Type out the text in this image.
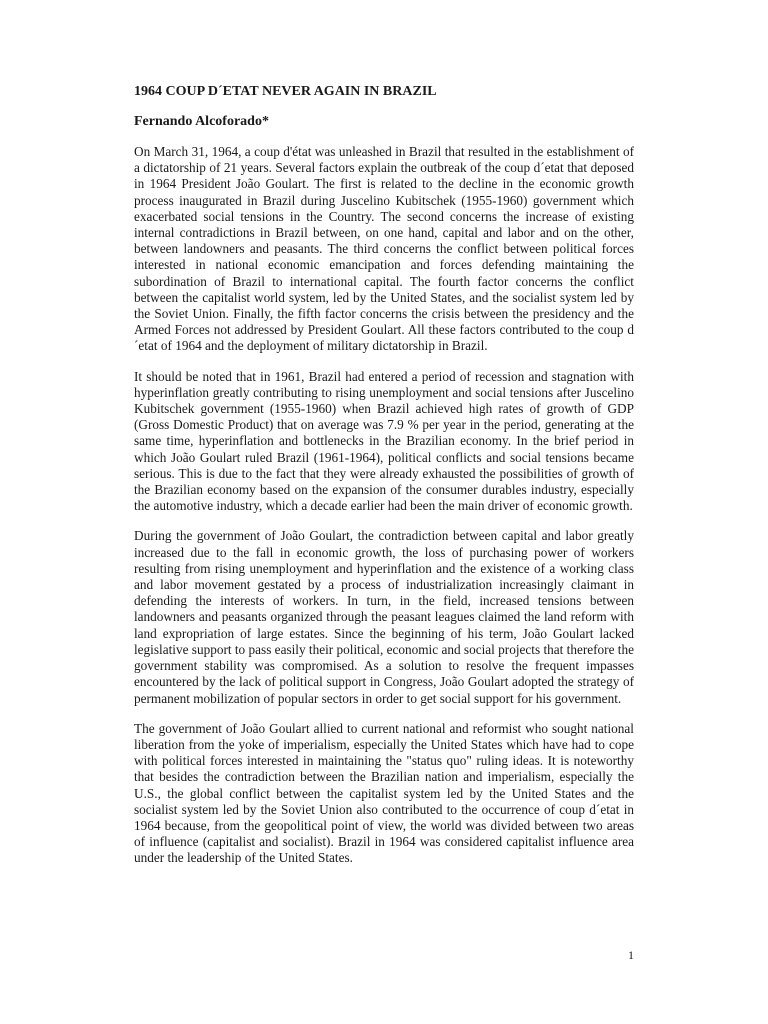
1964 COUP D´ETAT NEVER AGAIN IN BRAZIL
Fernando Alcoforado*

On March 31, 1964, a coup d'état was unleashed in Brazil that resulted in the establishment of a dictatorship of 21 years. Several factors explain the outbreak of the coup d´etat that deposed in 1964 President João Goulart. The first is related to the decline in the economic growth process inaugurated in Brazil during Juscelino Kubitschek (1955-1960) government which exacerbated social tensions in the Country. The second concerns the increase of existing internal contradictions in Brazil between, on one hand, capital and labor and on the other, between landowners and peasants. The third concerns the conflict between political forces interested in national economic emancipation and forces defending maintaining the subordination of Brazil to international capital. The fourth factor concerns the conflict between the capitalist world system, led by the United States, and the socialist system led by the Soviet Union. Finally, the fifth factor concerns the crisis between the presidency and the Armed Forces not addressed by President Goulart. All these factors contributed to the coup d´etat of 1964 and the deployment of military dictatorship in Brazil.

It should be noted that in 1961, Brazil had entered a period of recession and stagnation with hyperinflation greatly contributing to rising unemployment and social tensions after Juscelino Kubitschek government (1955-1960) when Brazil achieved high rates of growth of GDP (Gross Domestic Product) that on average was 7.9 % per year in the period, generating at the same time, hyperinflation and bottlenecks in the Brazilian economy. In the brief period in which João Goulart ruled Brazil (1961-1964), political conflicts and social tensions became serious. This is due to the fact that they were already exhausted the possibilities of growth of the Brazilian economy based on the expansion of the consumer durables industry, especially the automotive industry, which a decade earlier had been the main driver of economic growth.

During the government of João Goulart, the contradiction between capital and labor greatly increased due to the fall in economic growth, the loss of purchasing power of workers resulting from rising unemployment and hyperinflation and the existence of a working class and labor movement gestated by a process of industrialization increasingly claimant in defending the interests of workers. In turn, in the field, increased tensions between landowners and peasants organized through the peasant leagues claimed the land reform with land expropriation of large estates. Since the beginning of his term, João Goulart lacked legislative support to pass easily their political, economic and social projects that therefore the government stability was compromised. As a solution to resolve the frequent impasses encountered by the lack of political support in Congress, João Goulart adopted the strategy of permanent mobilization of popular sectors in order to get social support for his government.

The government of João Goulart allied to current national and reformist who sought national liberation from the yoke of imperialism, especially the United States which have had to cope with political forces interested in maintaining the "status quo" ruling ideas. It is noteworthy that besides the contradiction between the Brazilian nation and imperialism, especially the U.S., the global conflict between the capitalist system led by the United States and the socialist system led by the Soviet Union also contributed to the occurrence of coup d´etat in 1964 because, from the geopolitical point of view, the world was divided between two areas of influence (capitalist and socialist). Brazil in 1964 was considered capitalist influence area under the leadership of the United States.

1
